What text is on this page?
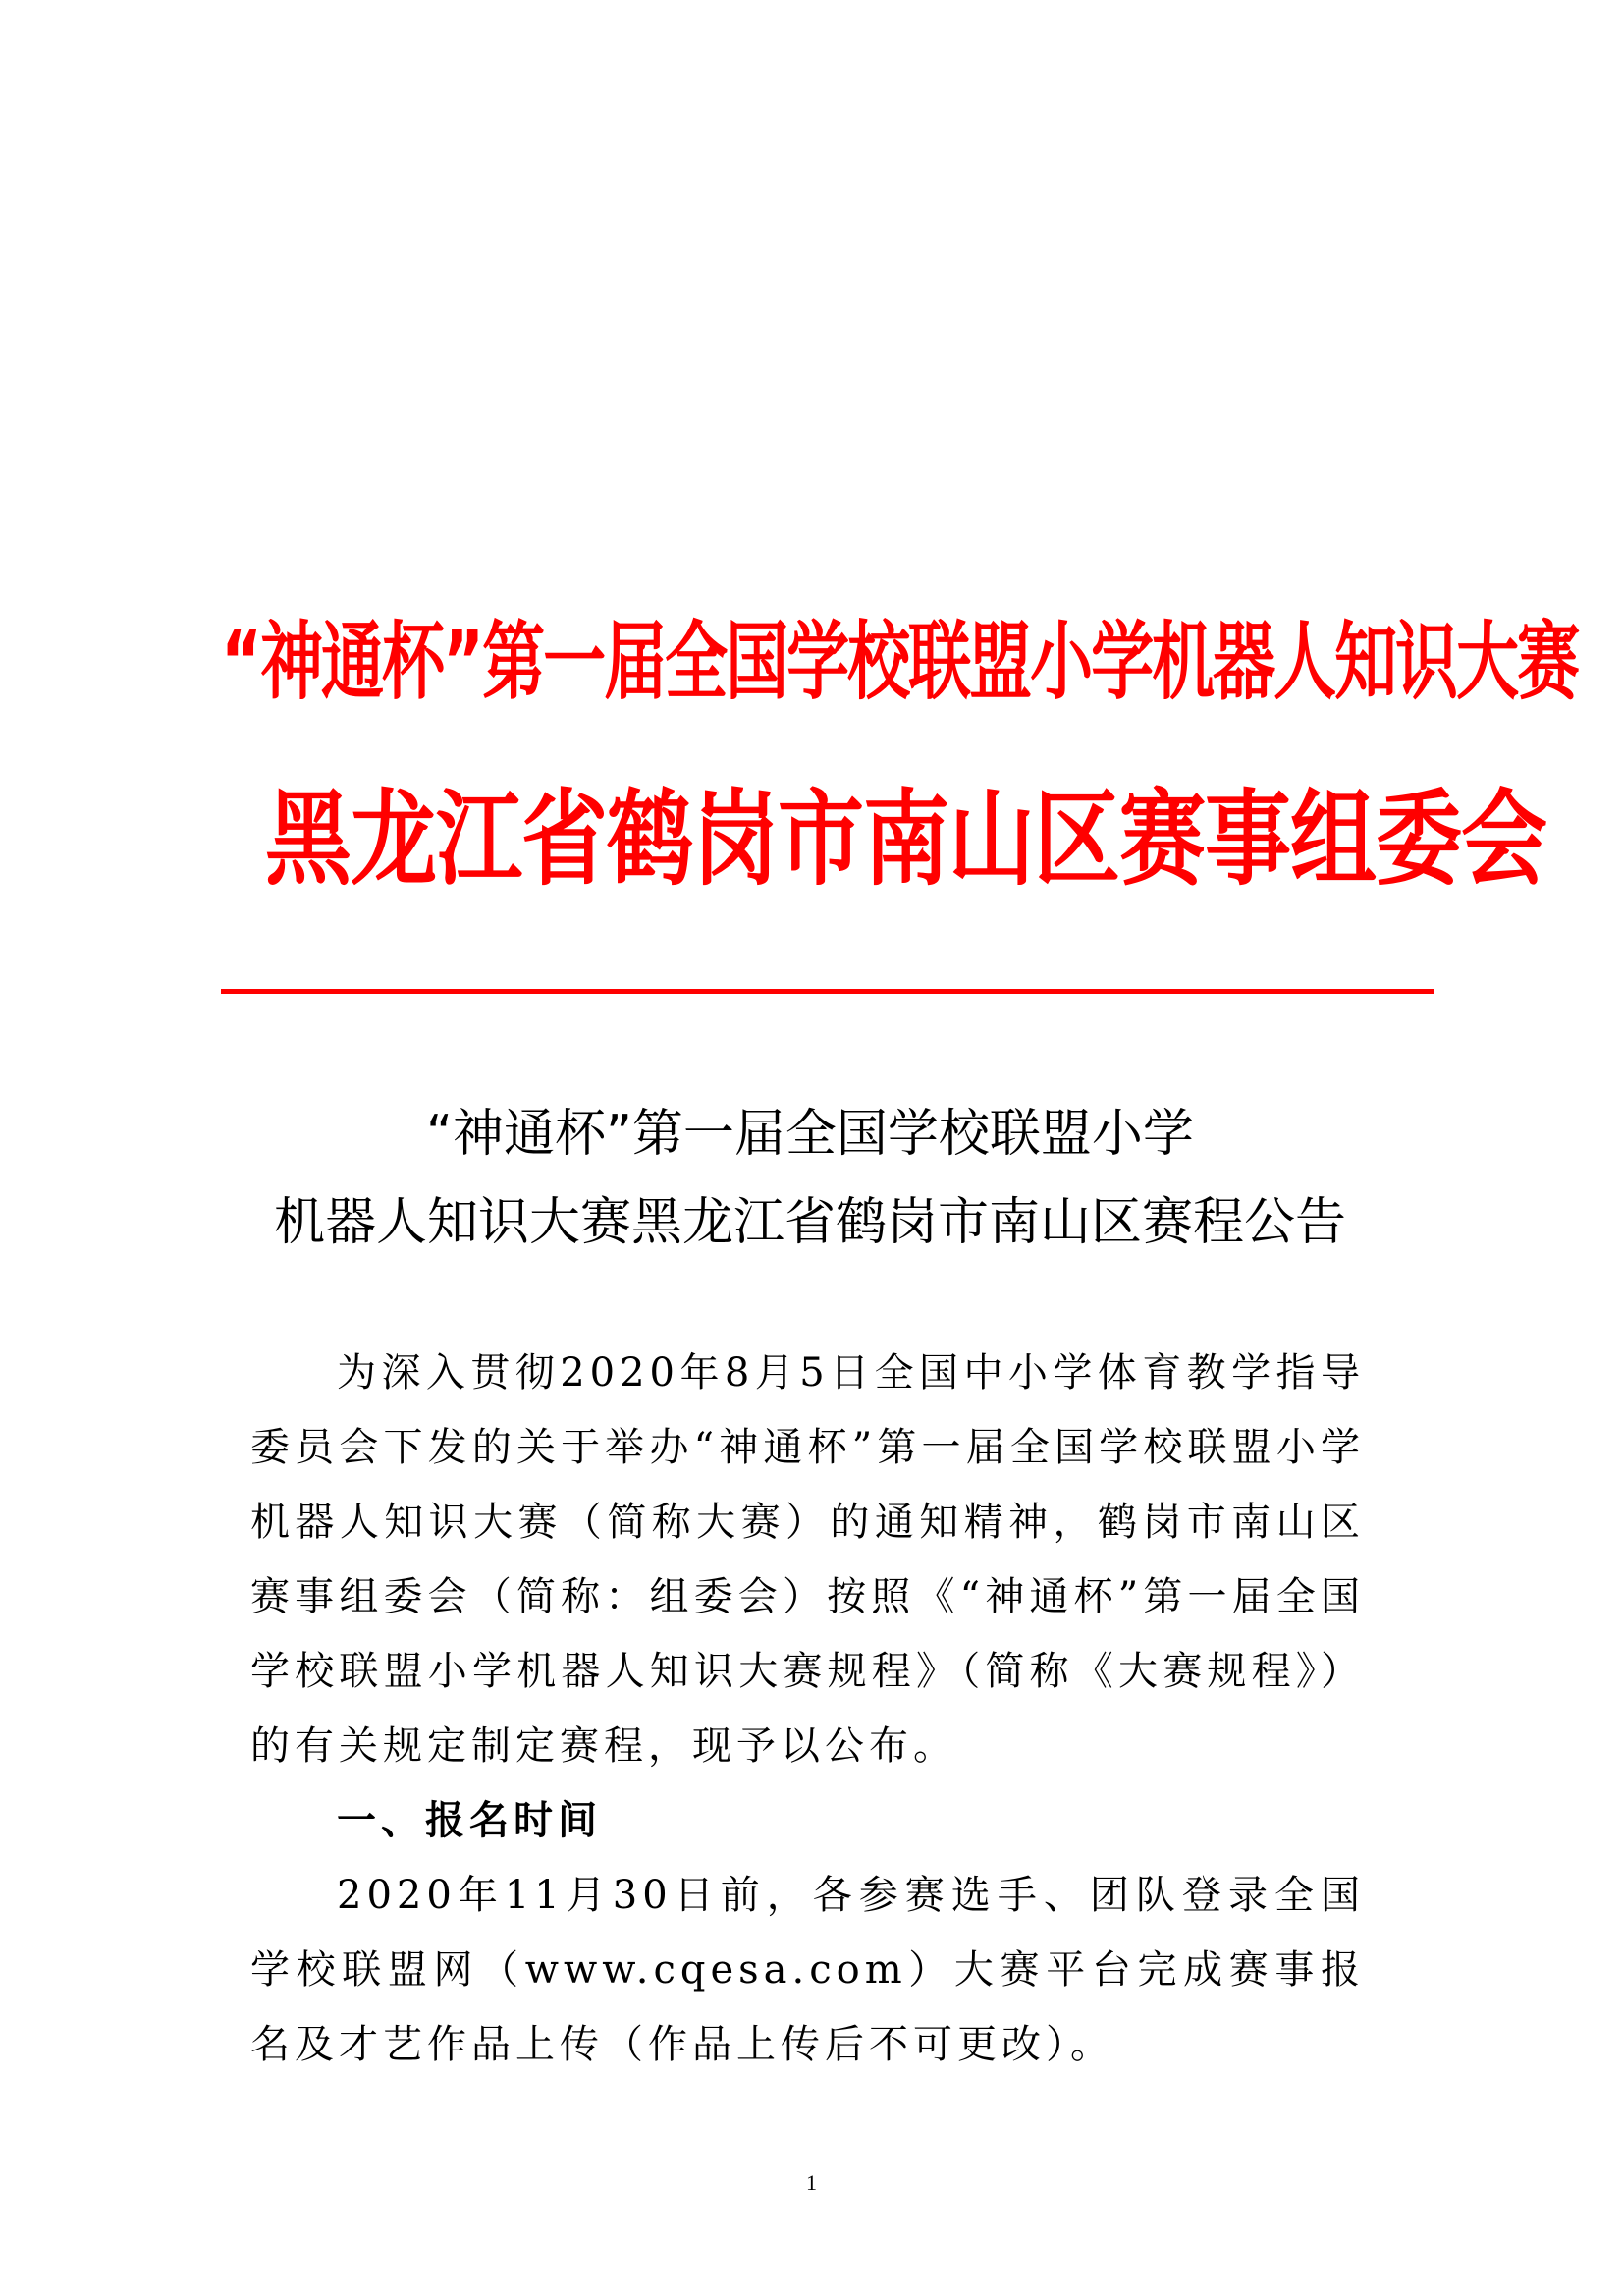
“神通杯”第一届全国学校联盟小学机器人知识大赛
黑龙江省鹤岗市南山区赛事组委会
“神通杯”第一届全国学校联盟小学
机器人知识大赛黑龙江省鹤岗市南山区赛程公告
为深入贯彻2020年8月5日全国中小学体育教学指导委员会下发的关于举办“神通杯”第一届全国学校联盟小学机器人知识大赛（简称大赛）的通知精神，鹤岗市南山区赛事组委会（简称：组委会）按照《“神通杯”第一届全国学校联盟小学机器人知识大赛规程》（简称《大赛规程》）的有关规定制定赛程，现予以公布。
一、报名时间
2020年11月30日前，各参赛选手、团队登录全国学校联盟网（www.cqesa.com）大赛平台完成赛事报名及才艺作品上传（作品上传后不可更改）。
1
